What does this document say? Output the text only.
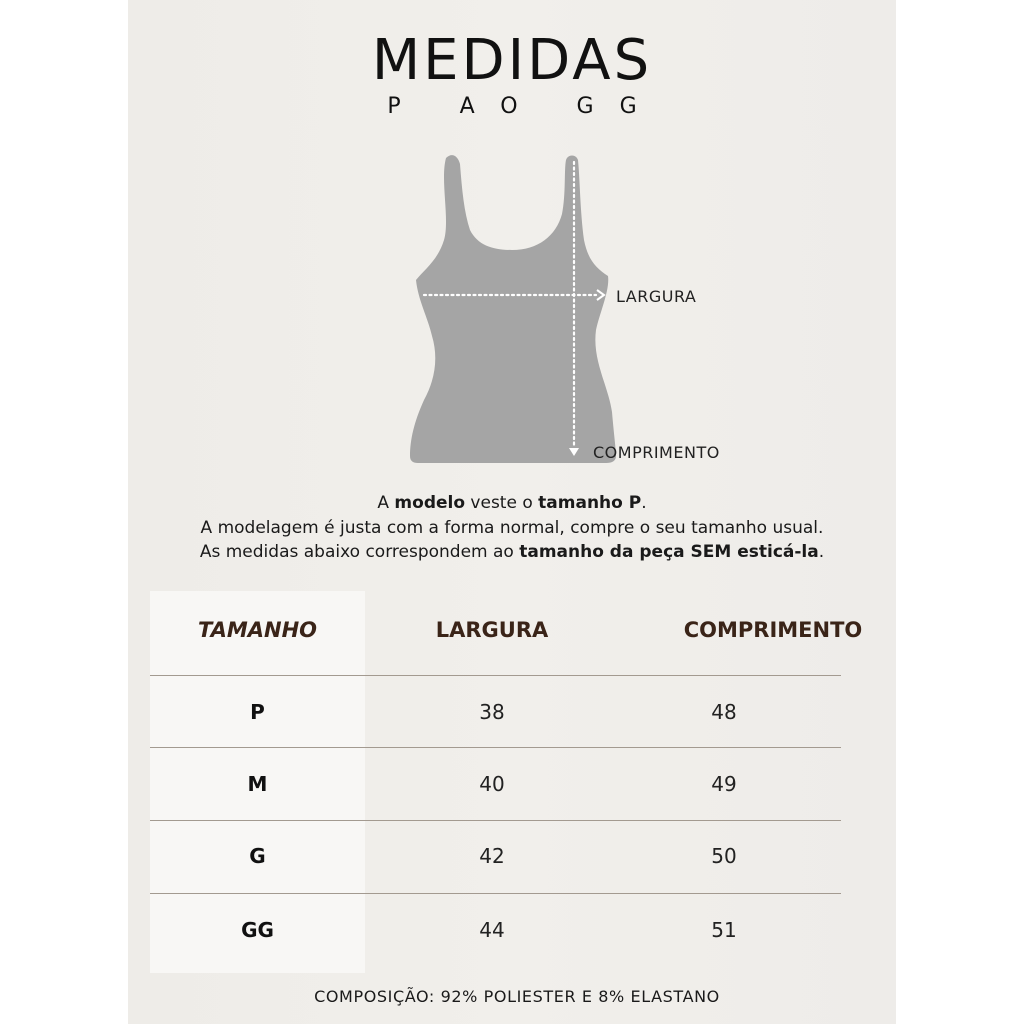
MEDIDAS
P AO GG
LARGURA
COMPRIMENTO
A modelo veste o tamanho P.
A modelagem é justa com a forma normal, compre o seu tamanho usual.
As medidas abaixo correspondem ao tamanho da peça SEM esticá-la.
TAMANHO	LARGURA	COMPRIMENTO
P	38	48
M	40	49
G	42	50
GG	44	51
COMPOSIÇÃO: 92% POLIESTER E 8% ELASTANO
